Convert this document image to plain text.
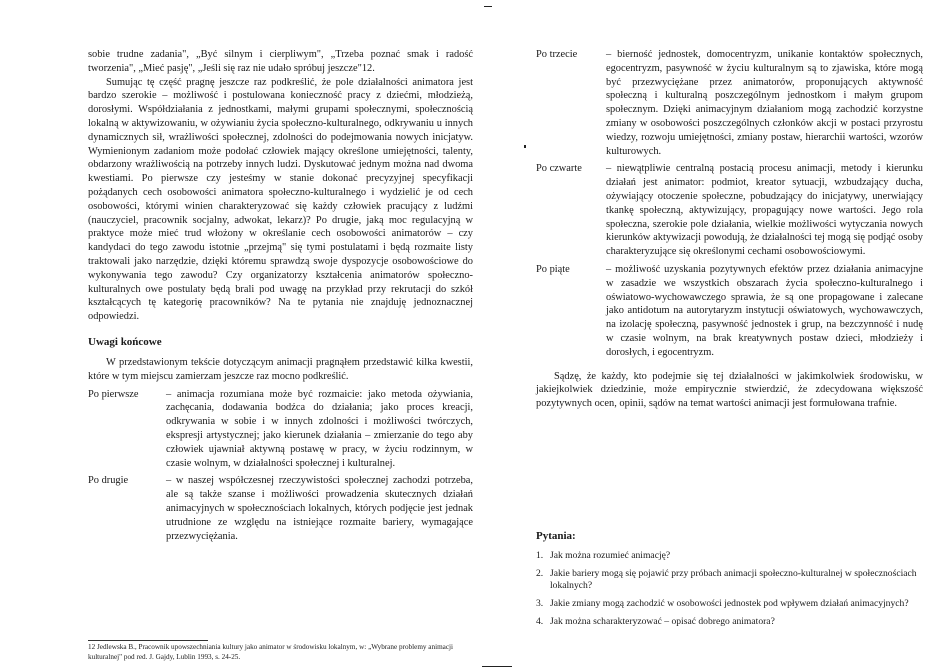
sobie trudne zadania", „Być silnym i cierpliwym", „Trzeba poznać smak i radość tworzenia", „Mieć pasję", „Jeśli się raz nie udało spróbuj jeszcze"12.

Sumując tę część pragnę jeszcze raz podkreślić, że pole działalności animatora jest bardzo szerokie – możliwość i postulowana konieczność pracy z dziećmi, młodzieżą, dorosłymi. Współdziałania z jednostkami, małymi grupami społecznymi, społecznością lokalną w aktywizowaniu, w ożywianiu życia społeczno-kulturalnego, odkrywaniu u innych dynamicznych sił, wrażliwości społecznej, zdolności do podejmowania nowych inicjatyw. Wymienionym zadaniom może podołać człowiek mający określone umiejętności, talenty, obdarzony wrażliwością na potrzeby innych ludzi. Dyskutować jednym można nad dwoma kwestiami. Po pierwsze czy jesteśmy w stanie dokonać precyzyjnej specyfikacji pożądanych cech osobowości animatora społeczno-kulturalnego i wydzielić je od cech osobowości, którymi winien charakteryzować się każdy człowiek pracujący z ludźmi (nauczyciel, pracownik socjalny, adwokat, lekarz)? Po drugie, jaką moc regulacyjną w praktyce może mieć trud włożony w określanie cech osobowości animatorów – czy kandydaci do tego zawodu istotnie „przejmą" się tymi postulatami i będą rozmaite listy traktowali jako narzędzie, dzięki któremu sprawdzą swoje dyspozycje osobowościowe do wykonywania tego zawodu? Czy organizatorzy kształcenia animatorów społeczno-kulturalnych owe postulaty będą brali pod uwagę na przykład przy rekrutacji do szkół kształcących tę kategorię pracowników? Na te pytania nie znajduję jednoznacznej odpowiedzi.

Uwagi końcowe

W przedstawionym tekście dotyczącym animacji pragnąłem przedstawić kilka kwestii, które w tym miejscu zamierzam jeszcze raz mocno podkreślić.

Po pierwsze	– animacja rozumiana może być rozmaicie: jako metoda ożywiania, zachęcania, dodawania bodźca do działania; jako proces kreacji, odkrywania w sobie i w innych zdolności i możliwości twórczych, ekspresji artystycznej; jako kierunek działania – zmierzanie do tego aby człowiek ujawniał aktywną postawę w pracy, w życiu rodzinnym, w czasie wolnym, w działalności społecznej i kulturalnej.
Po drugie	– w naszej współczesnej rzeczywistości społecznej zachodzi potrzeba, ale są także szanse i możliwości prowadzenia skutecznych działań animacyjnych w społecznościach lokalnych, których podjęcie jest jednak utrudnione ze względu na istniejące rozmaite bariery, wymagające przezwyciężania.

12 Jedlewska B., Pracownik upowszechniania kultury jako animator w środowisku lokalnym, w: „Wybrane problemy animacji kulturalnej" pod red. J. Gajdy, Lublin 1993, s. 24-25.

Po trzecie	– bierność jednostek, domocentryzm, unikanie kontaktów społecznych, egocentryzm, pasywność w życiu kulturalnym są to zjawiska, które mogą być przezwyciężane przez animatorów, proponujących aktywność społeczną i kulturalną poszczególnym jednostkom i małym grupom społecznym. Dzięki animacyjnym działaniom mogą zachodzić korzystne zmiany w osobowości poszczególnych członków akcji w postaci przyrostu wiedzy, rozwoju umiejętności, zmiany postaw, hierarchii wartości, wzorów kulturowych.
Po czwarte	– niewątpliwie centralną postacią procesu animacji, metody i kierunku działań jest animator: podmiot, kreator sytuacji, wzbudzający ducha, ożywiający otoczenie społeczne, pobudzający do inicjatywy, unerwiający tkankę społeczną, aktywizujący, propagujący nowe wartości. Jego rola społeczna, szerokie pole działania, wielkie możliwości wytyczania nowych kierunków aktywizacji powodują, że działalności tej mogą się podjąć osoby charakteryzujące się określonymi cechami osobowościowymi.
Po piąte	– możliwość uzyskania pozytywnych efektów przez działania animacyjne w zasadzie we wszystkich obszarach życia społeczno-kulturalnego i oświatowo-wychowawczego sprawia, że są one propagowane i zalecane jako antidotum na autorytaryzm instytucji oświatowych, wychowawczych, na izolację społeczną, pasywność jednostek i grup, na bezczynność i nudę w czasie wolnym, na brak kreatywnych postaw dzieci, młodzieży i dorosłych, i egocentryzm.

Sądzę, że każdy, kto podejmie się tej działalności w jakimkolwiek środowisku, w jakiejkolwiek dziedzinie, może empirycznie stwierdzić, że zdecydowana większość pozytywnych ocen, opinii, sądów na temat wartości animacji jest formułowana trafnie.

Pytania:

1. Jak można rozumieć animację?
2. Jakie bariery mogą się pojawić przy próbach animacji społeczno-kulturalnej w społecznościach lokalnych?
3. Jakie zmiany mogą zachodzić w osobowości jednostek pod wpływem działań animacyjnych?
4. Jak można scharakteryzować – opisać dobrego animatora?
